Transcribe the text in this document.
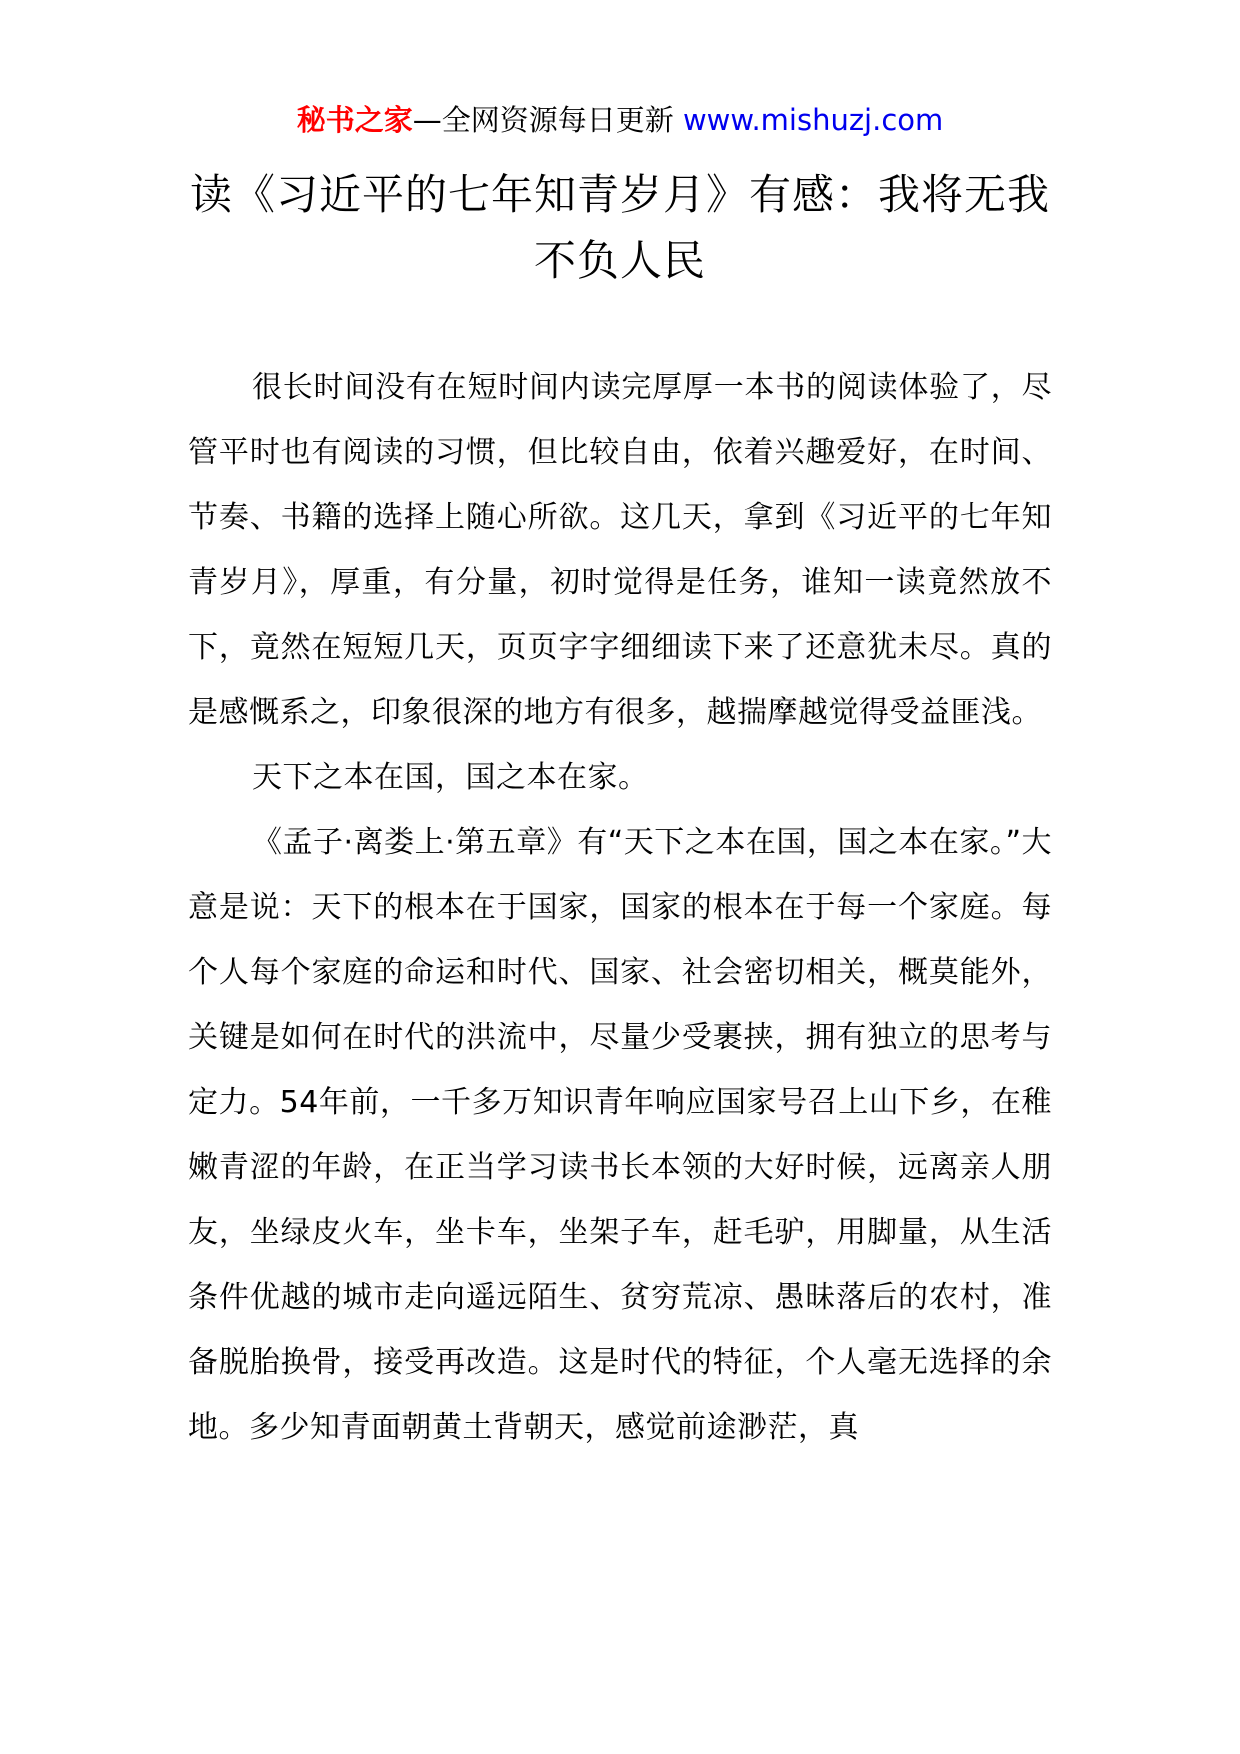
秘书之家—全网资源每日更新 www.mishuzj.com
读《习近平的七年知青岁月》有感：我将无我不负人民

很长时间没有在短时间内读完厚厚一本书的阅读体验了，尽管平时也有阅读的习惯，但比较自由，依着兴趣爱好，在时间、节奏、书籍的选择上随心所欲。这几天，拿到《习近平的七年知青岁月》，厚重，有分量，初时觉得是任务，谁知一读竟然放不下，竟然在短短几天，页页字字细细读下来了还意犹未尽。真的是感慨系之，印象很深的地方有很多，越揣摩越觉得受益匪浅。

天下之本在国，国之本在家。

《孟子·离娄上·第五章》有“天下之本在国，国之本在家。”大意是说：天下的根本在于国家，国家的根本在于每一个家庭。每个人每个家庭的命运和时代、国家、社会密切相关，概莫能外，关键是如何在时代的洪流中，尽量少受裹挟，拥有独立的思考与定力。54年前，一千多万知识青年响应国家号召上山下乡，在稚嫩青涩的年龄，在正当学习读书长本领的大好时候，远离亲人朋友，坐绿皮火车，坐卡车，坐架子车，赶毛驴，用脚量，从生活条件优越的城市走向遥远陌生、贫穷荒凉、愚昧落后的农村，准备脱胎换骨，接受再改造。这是时代的特征，个人毫无选择的余地。多少知青面朝黄土背朝天，感觉前途渺茫，真
